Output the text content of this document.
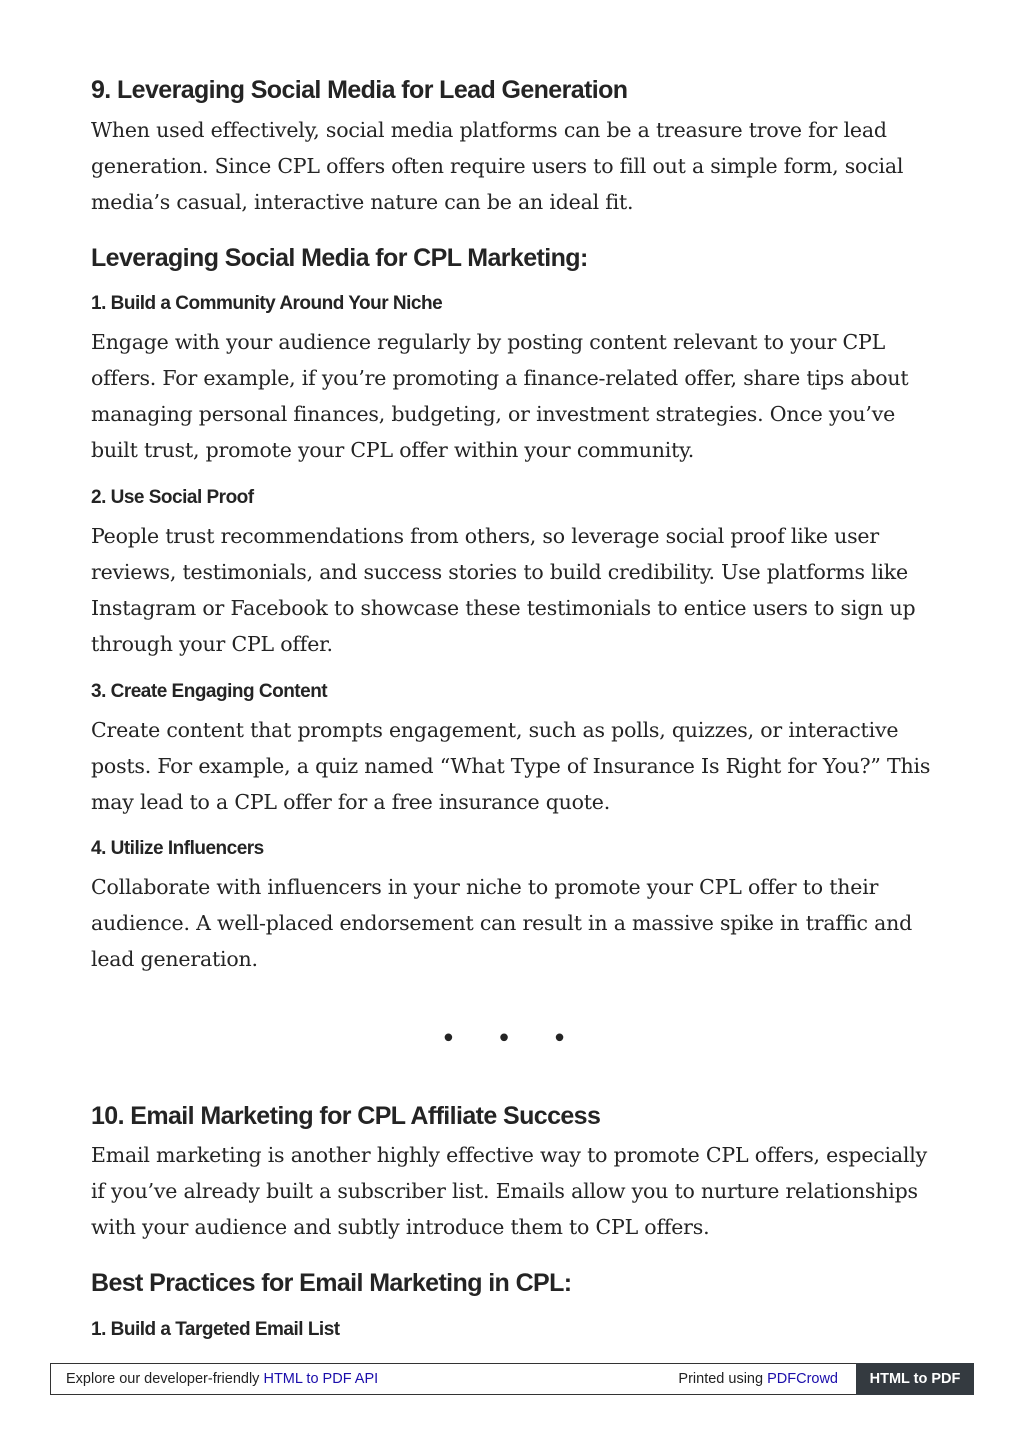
9. Leveraging Social Media for Lead Generation

When used effectively, social media platforms can be a treasure trove for lead generation. Since CPL offers often require users to fill out a simple form, social media’s casual, interactive nature can be an ideal fit.

Leveraging Social Media for CPL Marketing:
1. Build a Community Around Your Niche

Engage with your audience regularly by posting content relevant to your CPL offers. For example, if you’re promoting a finance-related offer, share tips about managing personal finances, budgeting, or investment strategies. Once you’ve built trust, promote your CPL offer within your community.

2. Use Social Proof

People trust recommendations from others, so leverage social proof like user reviews, testimonials, and success stories to build credibility. Use platforms like Instagram or Facebook to showcase these testimonials to entice users to sign up through your CPL offer.

3. Create Engaging Content

Create content that prompts engagement, such as polls, quizzes, or interactive posts. For example, a quiz named “What Type of Insurance Is Right for You?” This may lead to a CPL offer for a free insurance quote.

4. Utilize Influencers

Collaborate with influencers in your niche to promote your CPL offer to their audience. A well-placed endorsement can result in a massive spike in traffic and lead generation.

10. Email Marketing for CPL Affiliate Success

Email marketing is another highly effective way to promote CPL offers, especially if you’ve already built a subscriber list. Emails allow you to nurture relationships with your audience and subtly introduce them to CPL offers.

Best Practices for Email Marketing in CPL:
1. Build a Targeted Email List
• • •
Explore our developer-friendly HTML to PDF API	Printed using PDFCrowd	HTML to PDF
